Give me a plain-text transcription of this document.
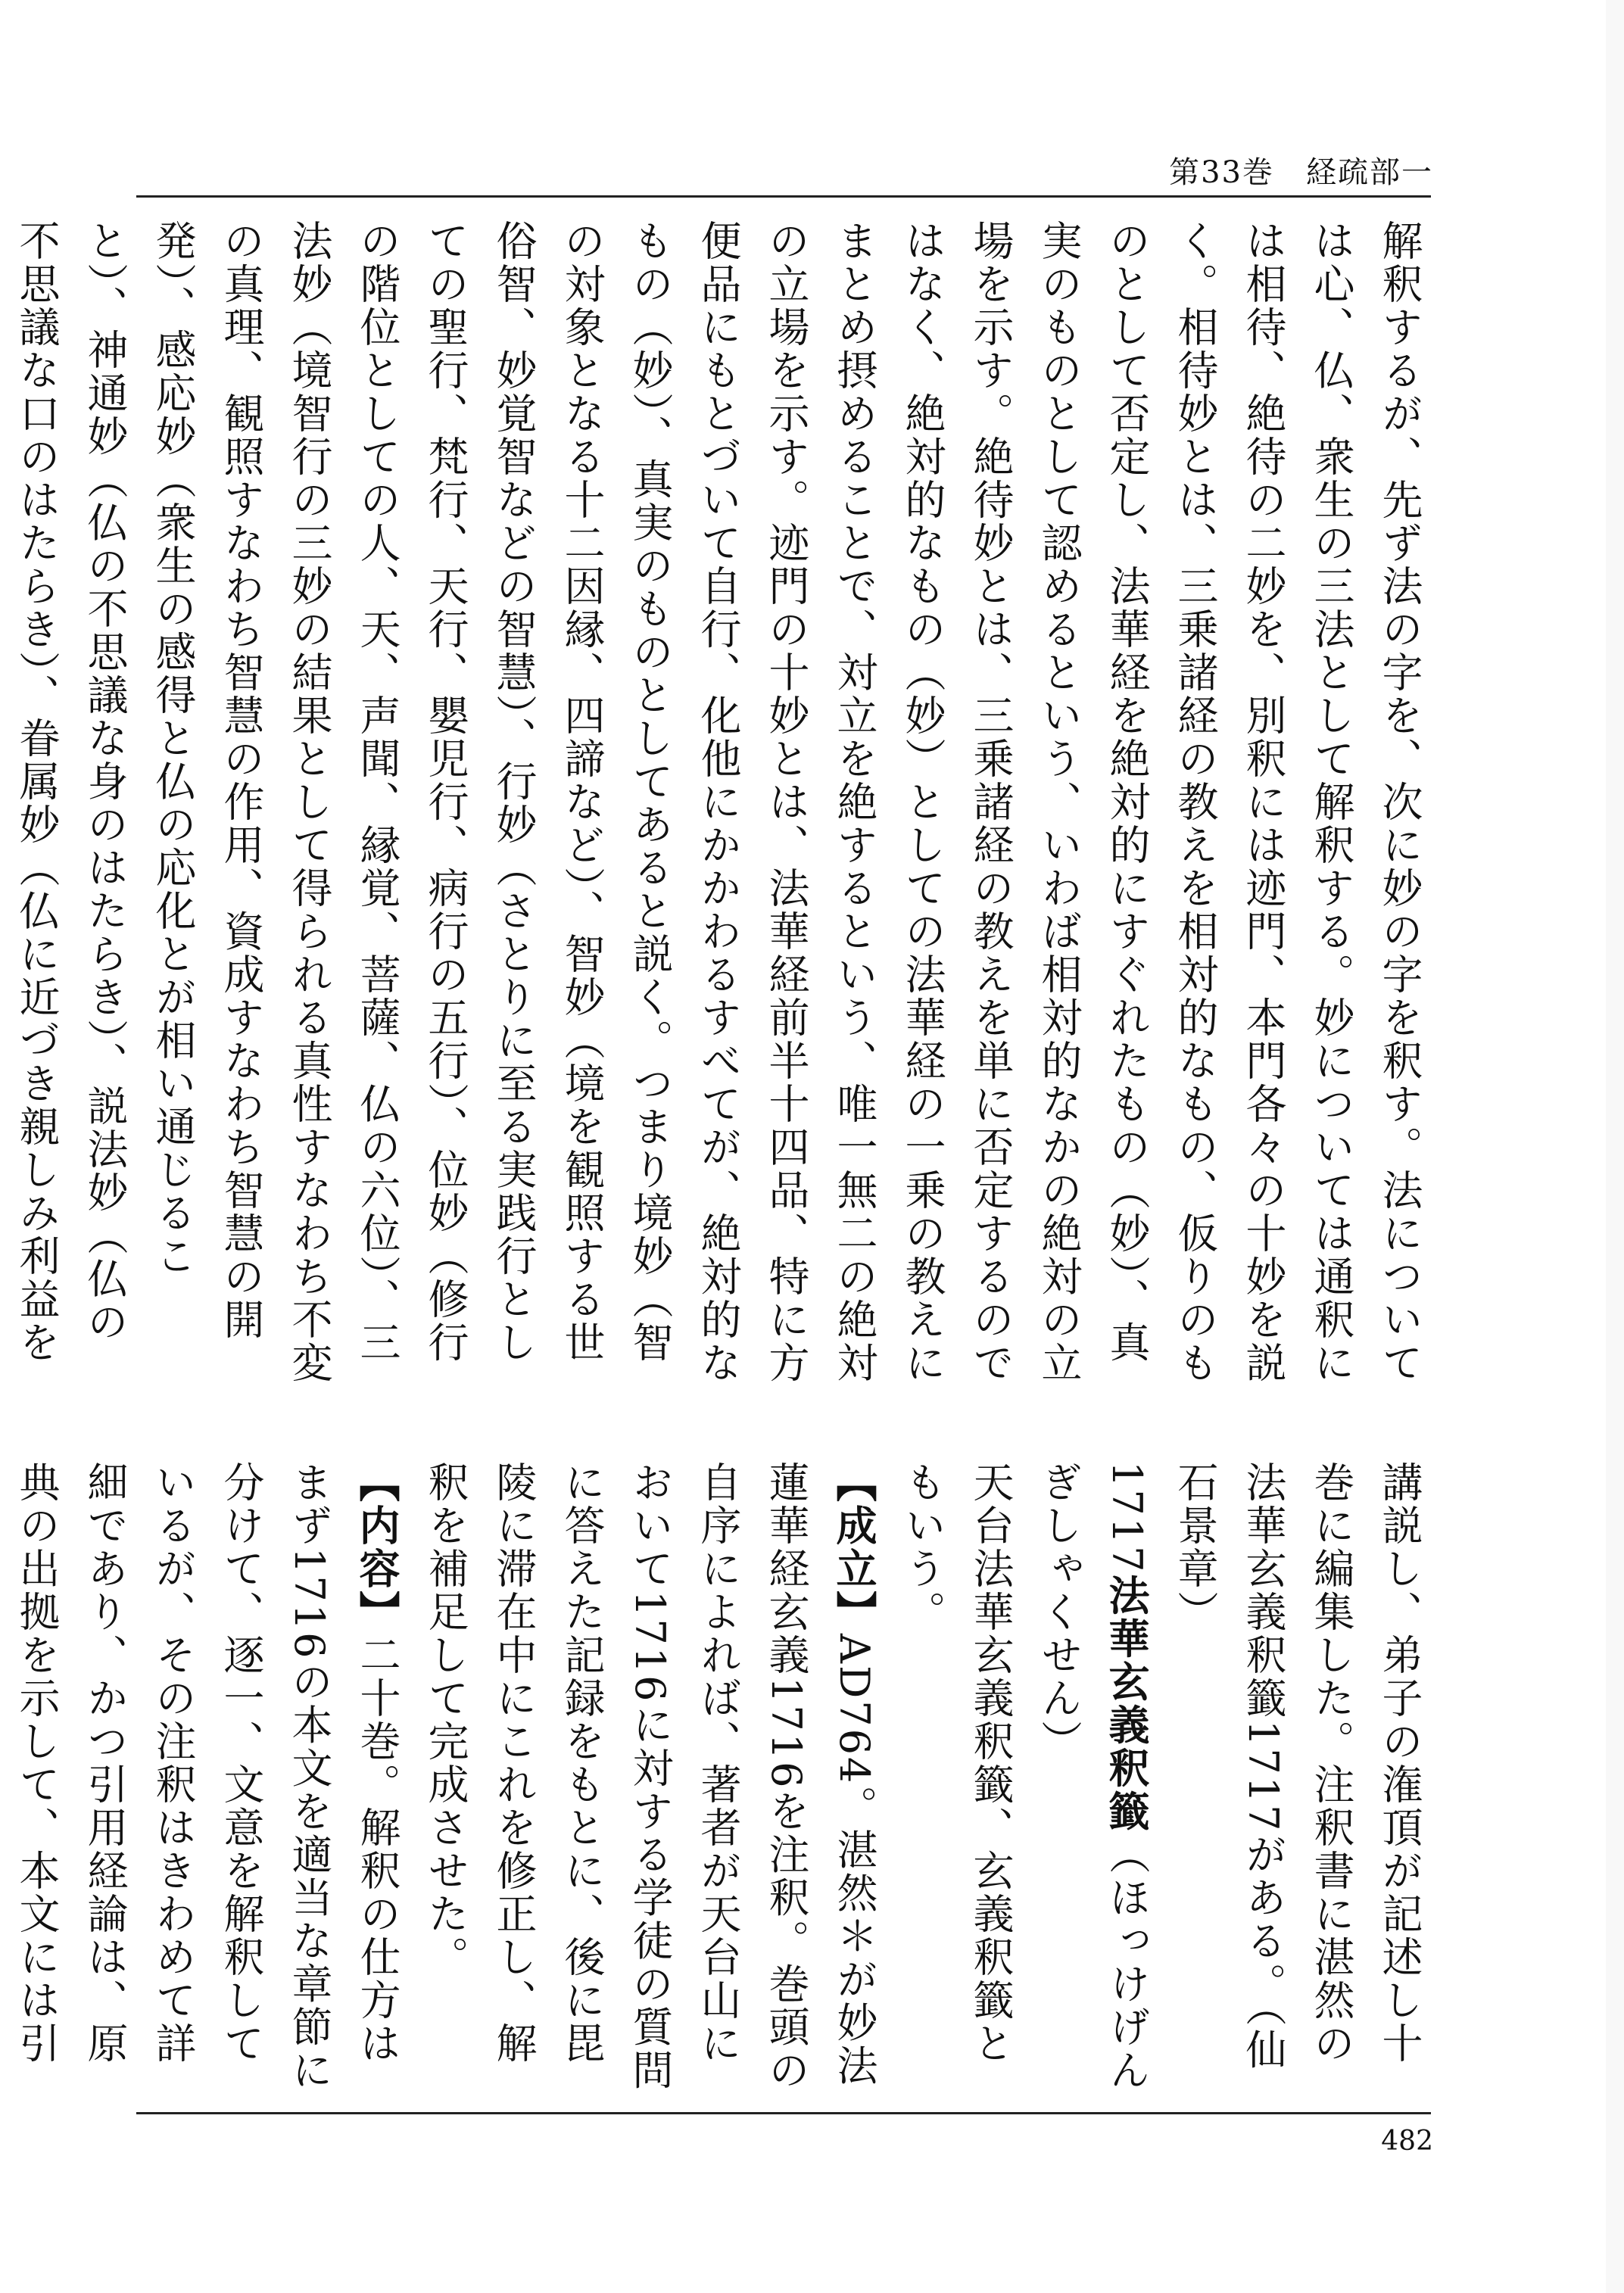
第33巻　経疏部一

解釈するが、先ず法の字を、次に妙の字を釈す。法については心、仏、衆生の三法として解釈する。妙については通釈には相待、絶待の二妙を、別釈には迹門、本門各々の十妙を説く。相待妙とは、三乗諸経の教えを相対的なもの、仮りのものとして否定し、法華経を絶対的にすぐれたもの（妙）、真実のものとして認めるという、いわば相対的なかの絶対の立場を示す。絶待妙とは、三乗諸経の教えを単に否定するのではなく、絶対的なもの（妙）としての法華経の一乗の教えにまとめ摂めることで、対立を絶するという、唯一無二の絶対の立場を示す。迹門の十妙とは、法華経前半十四品、特に方便品にもとづいて自行、化他にかかわるすべてが、絶対的なもの（妙）、真実のものとしてあると説く。つまり境妙（智の対象となる十二因縁、四諦など）、智妙（境を観照する世俗智、妙覚智などの智慧）、行妙（さとりに至る実践行としての聖行、梵行、天行、嬰児行、病行の五行）、位妙（修行の階位としての人、天、声聞、縁覚、菩薩、仏の六位）、三法妙（境智行の三妙の結果として得られる真性すなわち不変の真理、観照すなわち智慧の作用、資成すなわち智慧の開発）、感応妙（衆生の感得と仏の応化とが相い通じること）、神通妙（仏の不思議な身のはたらき）、説法妙（仏の不思議な口のはたらき）、眷属妙（仏に近づき親しみ利益を

講説し、弟子の潅頂が記述し十巻に編集した。注釈書に湛然の法華玄義釈籤1717がある。（仙石景章）

1717法華玄義釈籤（ほっけげんぎしゃくせん）

天台法華玄義釈籤、玄義釈籤ともいう。

【成立】AD764。湛然＊が妙法蓮華経玄義1716を注釈。巻頭の自序によれば、著者が天台山において1716に対する学徒の質問に答えた記録をもとに、後に毘陵に滞在中にこれを修正し、解釈を補足して完成させた。

【内容】二十巻。解釈の仕方はまず1716の本文を適当な章節に分けて、逐一、文意を解釈しているが、その注釈はきわめて詳細であり、かつ引用経論は、原典の出拠を示して、本文には引

482
